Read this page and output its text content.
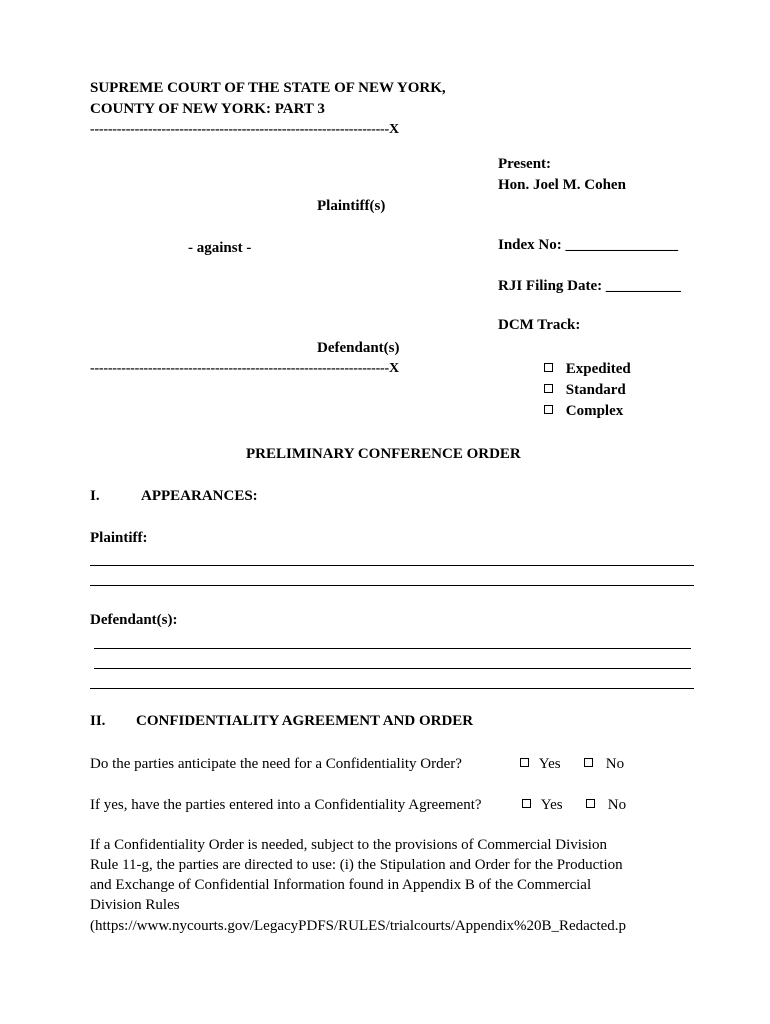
SUPREME COURT OF THE STATE OF NEW YORK,
COUNTY OF NEW YORK: PART 3
-------------------------------------------------------------------X
Present:
Hon. Joel M. Cohen
Plaintiff(s)
- against -	Index No: _______________
RJI Filing Date: __________
DCM Track:
Defendant(s)
-------------------------------------------------------------------X	Expedited
Standard
Complex
PRELIMINARY CONFERENCE ORDER
I.	APPEARANCES:
Plaintiff:
Defendant(s):
II. CONFIDENTIALITY AGREEMENT AND ORDER
Do the parties anticipate the need for a Confidentiality Order?	Yes	No
If yes, have the parties entered into a Confidentiality Agreement?	Yes	No
If a Confidentiality Order is needed, subject to the provisions of Commercial Division
Rule 11-g, the parties are directed to use: (i) the Stipulation and Order for the Production
and Exchange of Confidential Information found in Appendix B of the Commercial
Division Rules
(https://www.nycourts.gov/LegacyPDFS/RULES/trialcourts/Appendix%20B_Redacted.p
